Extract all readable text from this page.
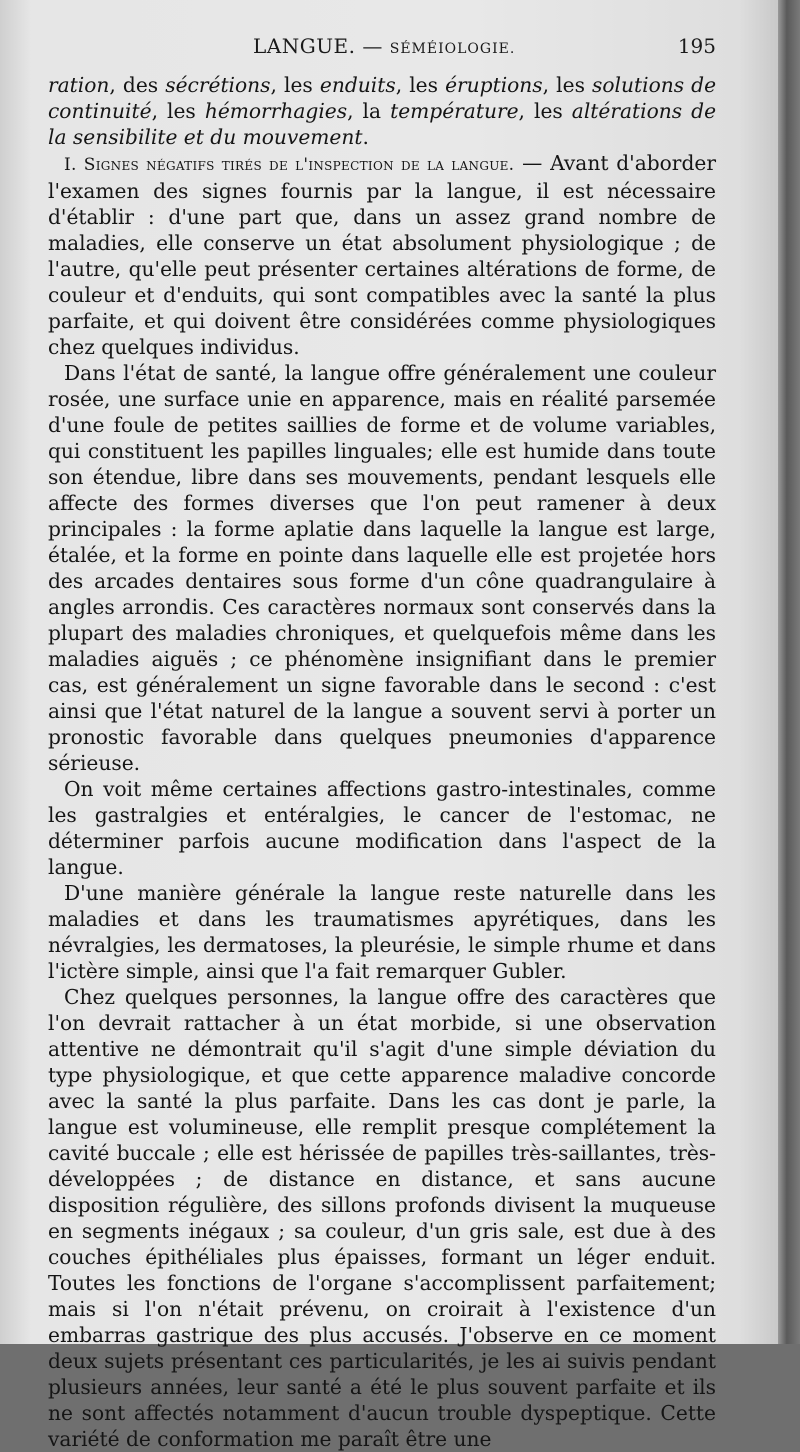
LANGUE. — SÉMÉIOLOGIE.	195

ration, des sécrétions, les enduits, les éruptions, les solutions de continuité, les hémorrhagies, la température, les altérations de la sensibilite et du mouvement.

I. Signes négatifs tirés de l'inspection de la langue. — Avant d'aborder l'examen des signes fournis par la langue, il est nécessaire d'établir : d'une part que, dans un assez grand nombre de maladies, elle conserve un état absolument physiologique ; de l'autre, qu'elle peut présenter certaines altérations de forme, de couleur et d'enduits, qui sont compatibles avec la santé la plus parfaite, et qui doivent être considérées comme physiologiques chez quelques individus.

Dans l'état de santé, la langue offre généralement une couleur rosée, une surface unie en apparence, mais en réalité parsemée d'une foule de petites saillies de forme et de volume variables, qui constituent les papilles linguales; elle est humide dans toute son étendue, libre dans ses mouvements, pendant lesquels elle affecte des formes diverses que l'on peut ramener à deux principales : la forme aplatie dans laquelle la langue est large, étalée, et la forme en pointe dans laquelle elle est projetée hors des arcades dentaires sous forme d'un cône quadrangulaire à angles arrondis. Ces caractères normaux sont conservés dans la plupart des maladies chroniques, et quelquefois même dans les maladies aiguës ; ce phénomène insignifiant dans le premier cas, est généralement un signe favorable dans le second : c'est ainsi que l'état naturel de la langue a souvent servi à porter un pronostic favorable dans quelques pneumonies d'apparence sérieuse.

On voit même certaines affections gastro-intestinales, comme les gastralgies et entéralgies, le cancer de l'estomac, ne déterminer parfois aucune modification dans l'aspect de la langue.

D'une manière générale la langue reste naturelle dans les maladies et dans les traumatismes apyrétiques, dans les névralgies, les dermatoses, la pleurésie, le simple rhume et dans l'ictère simple, ainsi que l'a fait remarquer Gubler.

Chez quelques personnes, la langue offre des caractères que l'on devrait rattacher à un état morbide, si une observation attentive ne démontrait qu'il s'agit d'une simple déviation du type physiologique, et que cette apparence maladive concorde avec la santé la plus parfaite. Dans les cas dont je parle, la langue est volumineuse, elle remplit presque complétement la cavité buccale ; elle est hérissée de papilles très-saillantes, très-développées ; de distance en distance, et sans aucune disposition régulière, des sillons profonds divisent la muqueuse en segments inégaux ; sa couleur, d'un gris sale, est due à des couches épithéliales plus épaisses, formant un léger enduit. Toutes les fonctions de l'organe s'accomplissent parfaitement; mais si l'on n'était prévenu, on croirait à l'existence d'un embarras gastrique des plus accusés. J'observe en ce moment deux sujets présentant ces particularités, je les ai suivis pendant plusieurs années, leur santé a été le plus souvent parfaite et ils ne sont affectés notamment d'aucun trouble dyspeptique. Cette variété de conformation me paraît être une
